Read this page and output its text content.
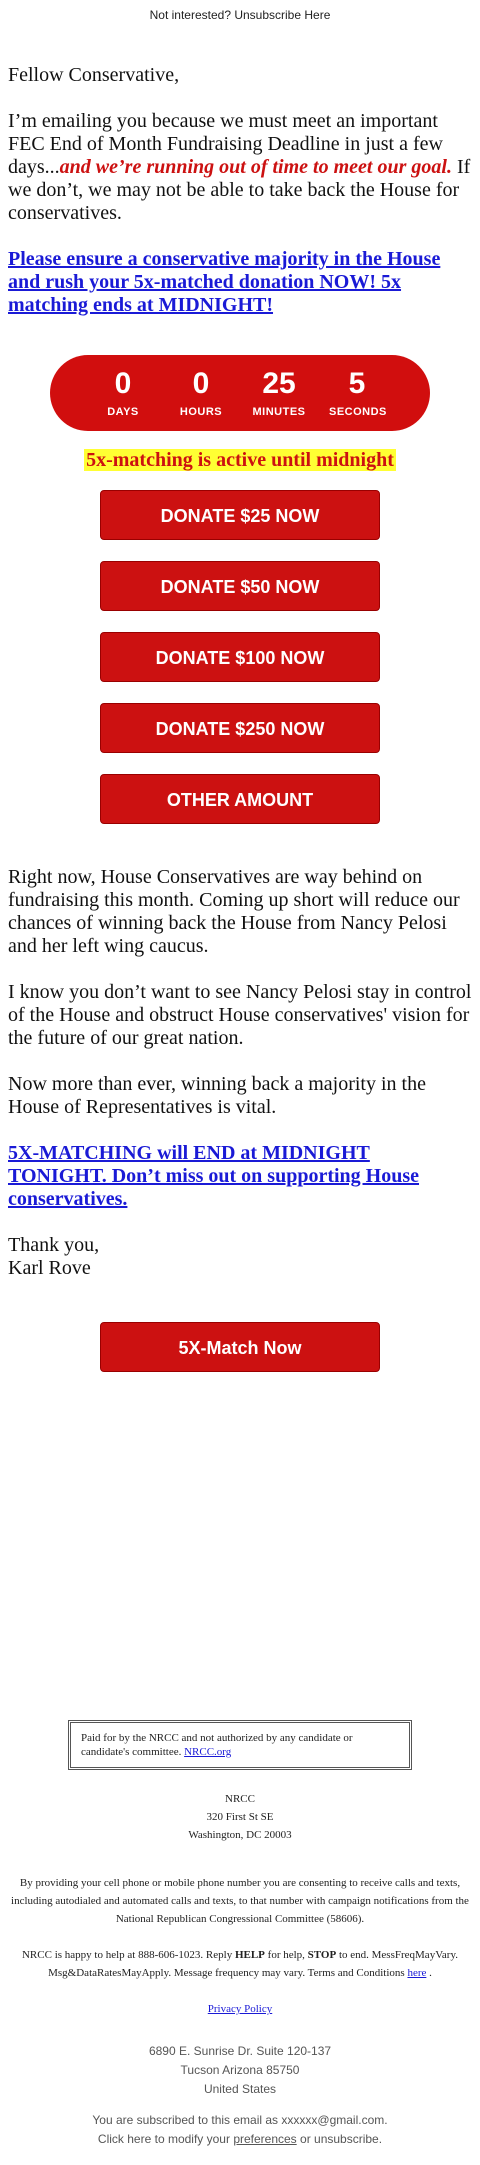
Not interested? Unsubscribe Here

Fellow Conservative,

I’m emailing you because we must meet an important FEC End of Month Fundraising Deadline in just a few days...and we’re running out of time to meet our goal. If we don’t, we may not be able to take back the House for conservatives.

Please ensure a conservative majority in the House and rush your 5x-matched donation NOW! 5x matching ends at MIDNIGHT!

0
DAYS
0
HOURS
25
MINUTES
5
SECONDS
5x-matching is active until midnight
DONATE $25 NOW
DONATE $50 NOW
DONATE $100 NOW
DONATE $250 NOW
OTHER AMOUNT

Right now, House Conservatives are way behind on fundraising this month. Coming up short will reduce our chances of winning back the House from Nancy Pelosi and her left wing caucus.

I know you don’t want to see Nancy Pelosi stay in control of the House and obstruct House conservatives' vision for the future of our great nation.

Now more than ever, winning back a majority in the House of Representatives is vital.

5X-MATCHING will END at MIDNIGHT TONIGHT. Don’t miss out on supporting House conservatives.

Thank you,

Karl Rove

5X-Match Now
Paid for by the NRCC and not authorized by any candidate or candidate's committee. NRCC.org
NRCC
320 First St SE
Washington, DC 20003
By providing your cell phone or mobile phone number you are consenting to receive calls and texts, including autodialed and automated calls and texts, to that number with campaign notifications from the National Republican Congressional Committee (58606).
NRCC is happy to help at 888-606-1023. Reply HELP for help, STOP to end. MessFreqMayVary. Msg&DataRatesMayApply. Message frequency may vary. Terms and Conditions here .
Privacy Policy
6890 E. Sunrise Dr. Suite 120-137
Tucson Arizona 85750
United States
You are subscribed to this email as xxxxxx@gmail.com.
Click here to modify your preferences or unsubscribe.
